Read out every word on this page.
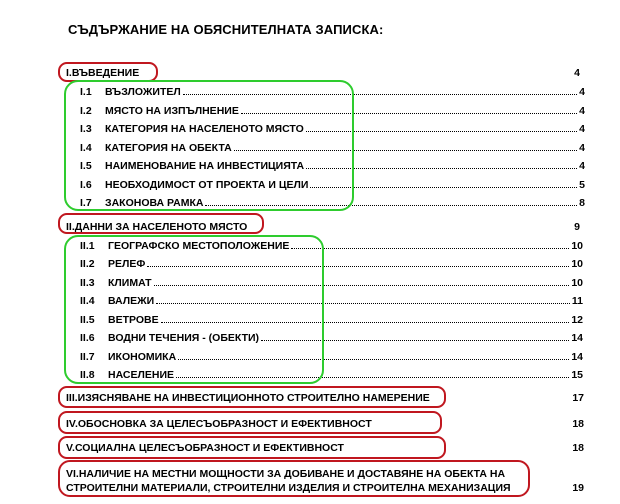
СЪДЪРЖАНИЕ НА ОБЯСНИТЕЛНАТА ЗАПИСКА:
I.ВЪВЕДЕНИЕ	4
I.1	ВЪЗЛОЖИТЕЛ	4
I.2	МЯСТО НА ИЗПЪЛНЕНИЕ	4
I.3	КАТЕГОРИЯ НА НАСЕЛЕНОТО МЯСТО	4
I.4	КАТЕГОРИЯ НА ОБЕКТА	4
I.5	НАИМЕНОВАНИЕ НА ИНВЕСТИЦИЯТА	4
I.6	НЕОБХОДИМОСТ ОТ ПРОЕКТА И ЦЕЛИ	5
I.7	ЗАКОНОВА РАМКА	8
II.ДАННИ ЗА НАСЕЛЕНОТО МЯСТО	9
II.1	ГЕОГРАФСКО МЕСТОПОЛОЖЕНИЕ	10
II.2	РЕЛЕФ	10
II.3	КЛИМАТ	10
II.4	ВАЛЕЖИ	11
II.5	ВЕТРОВЕ	12
II.6	ВОДНИ ТЕЧЕНИЯ - (ОБЕКТИ)	14
II.7	ИКОНОМИКА	14
II.8	НАСЕЛЕНИЕ	15
III.ИЗЯСНЯВАНЕ НА ИНВЕСТИЦИОННОТО СТРОИТЕЛНО НАМЕРЕНИЕ	17
IV.ОБОСНОВКА ЗА ЦЕЛЕСЪОБРАЗНОСТ И ЕФЕКТИВНОСТ	18
V.СОЦИАЛНА ЦЕЛЕСЪОБРАЗНОСТ И ЕФЕКТИВНОСТ	18
VI.НАЛИЧИЕ НА МЕСТНИ МОЩНОСТИ ЗА ДОБИВАНЕ И ДОСТАВЯНЕ НА ОБЕКТА НА
СТРОИТЕЛНИ МАТЕРИАЛИ, СТРОИТЕЛНИ ИЗДЕЛИЯ И СТРОИТЕЛНА МЕХАНИЗАЦИЯ	19
